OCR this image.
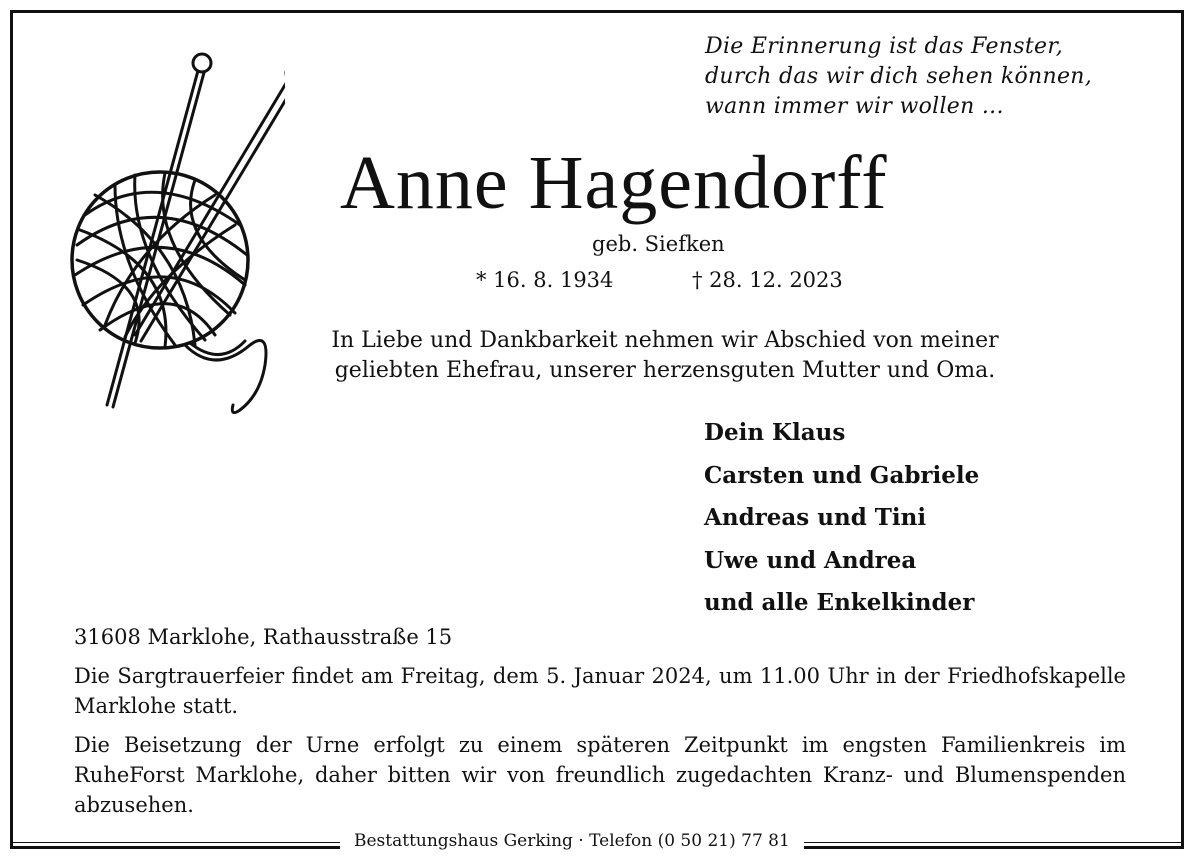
Die Erinnerung ist das Fenster,
durch das wir dich sehen können,
wann immer wir wollen ...
Anne Hagendorff
geb. Siefken
* 16. 8. 1934	† 28. 12. 2023
In Liebe und Dankbarkeit nehmen wir Abschied von meiner
geliebten Ehefrau, unserer herzensguten Mutter und Oma.
Dein Klaus
Carsten und Gabriele
Andreas und Tini
Uwe und Andrea
und alle Enkelkinder
31608 Marklohe, Rathausstraße 15
Die Sargtrauerfeier findet am Freitag, dem 5. Januar 2024, um 11.00 Uhr in der Friedhofskapelle Marklohe statt.
Die Beisetzung der Urne erfolgt zu einem späteren Zeitpunkt im engsten Familienkreis im RuheForst Marklohe, daher bitten wir von freundlich zugedachten Kranz- und Blumenspenden abzusehen.
Bestattungshaus Gerking · Telefon (0 50 21) 77 81
